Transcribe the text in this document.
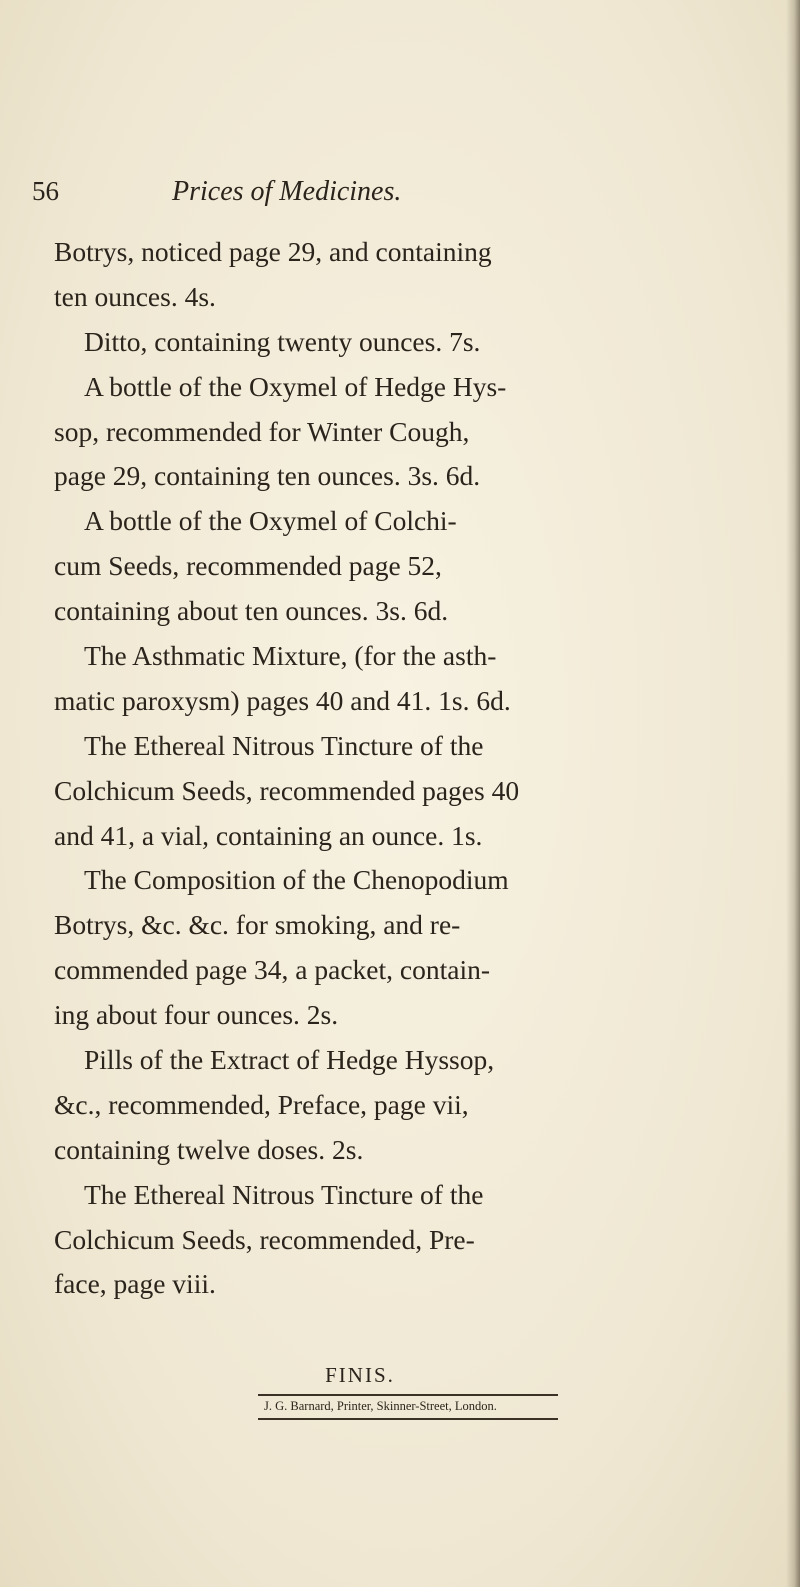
56	Prices of Medicines.
Botrys, noticed page 29, and containing
ten ounces. 4s.
Ditto, containing twenty ounces. 7s.
A bottle of the Oxymel of Hedge Hys-
sop, recommended for Winter Cough,
page 29, containing ten ounces. 3s. 6d.
A bottle of the Oxymel of Colchi-
cum Seeds, recommended page 52,
containing about ten ounces. 3s. 6d.
The Asthmatic Mixture, (for the asth-
matic paroxysm) pages 40 and 41. 1s. 6d.
The Ethereal Nitrous Tincture of the
Colchicum Seeds, recommended pages 40
and 41, a vial, containing an ounce. 1s.
The Composition of the Chenopodium
Botrys, &c. &c. for smoking, and re-
commended page 34, a packet, contain-
ing about four ounces. 2s.
Pills of the Extract of Hedge Hyssop,
&c., recommended, Preface, page vii,
containing twelve doses. 2s.
The Ethereal Nitrous Tincture of the
Colchicum Seeds, recommended, Pre-
face, page viii.
FINIS.
J. G. Barnard, Printer, Skinner-Street, London.
